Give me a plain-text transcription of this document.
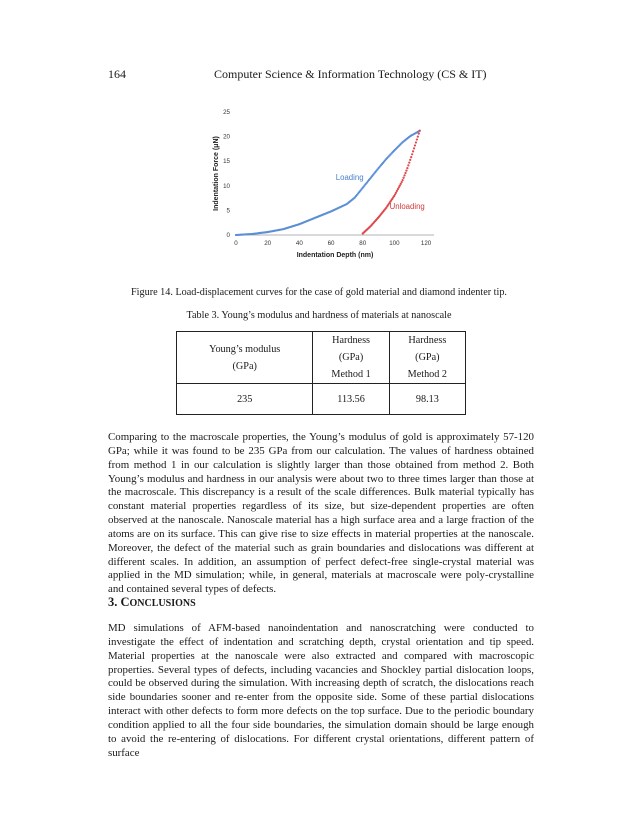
164	Computer Science & Information Technology (CS & IT)
0	20	40	60	80	100	120
0
5
10
15
20
25
Indentation Depth (nm)
Indentation Force (μN)	Loading
Unloading
Figure 14. Load-displacement curves for the case of gold material and diamond indenter tip.
Table 3. Young’s modulus and hardness of materials at nanoscale
Young’s modulus
(GPa)	Hardness
(GPa)
Method 1	Hardness
(GPa)
Method 2

235	113.56	98.13

Comparing to the macroscale properties, the Young’s modulus of gold is approximately 57-120 GPa; while it was found to be 235 GPa from our calculation. The values of hardness obtained from method 1 in our calculation is slightly larger than those obtained from method 2. Both Young’s modulus and hardness in our analysis were about two to three times larger than those at the macroscale. This discrepancy is a result of the scale differences. Bulk material typically has constant material properties regardless of its size, but size-dependent properties are often observed at the nanoscale. Nanoscale material has a high surface area and a large fraction of the atoms are on its surface. This can give rise to size effects in material properties at the nanoscale. Moreover, the defect of the material such as grain boundaries and dislocations was different at different scales. In addition, an assumption of perfect defect-free single-crystal material was applied in the MD simulation; while, in general, materials at macroscale were poly-crystalline and contained several types of defects.

3. CONCLUSIONS

MD simulations of AFM-based nanoindentation and nanoscratching were conducted to investigate the effect of indentation and scratching depth, crystal orientation and tip speed. Material properties at the nanoscale were also extracted and compared with macroscopic properties. Several types of defects, including vacancies and Shockley partial dislocation loops, could be observed during the simulation. With increasing depth of scratch, the dislocations reach side boundaries sooner and re-enter from the opposite side. Some of these partial dislocations interact with other defects to form more defects on the top surface. Due to the periodic boundary condition applied to all the four side boundaries, the simulation domain should be large enough to avoid the re-entering of dislocations. For different crystal orientations, different pattern of surface
